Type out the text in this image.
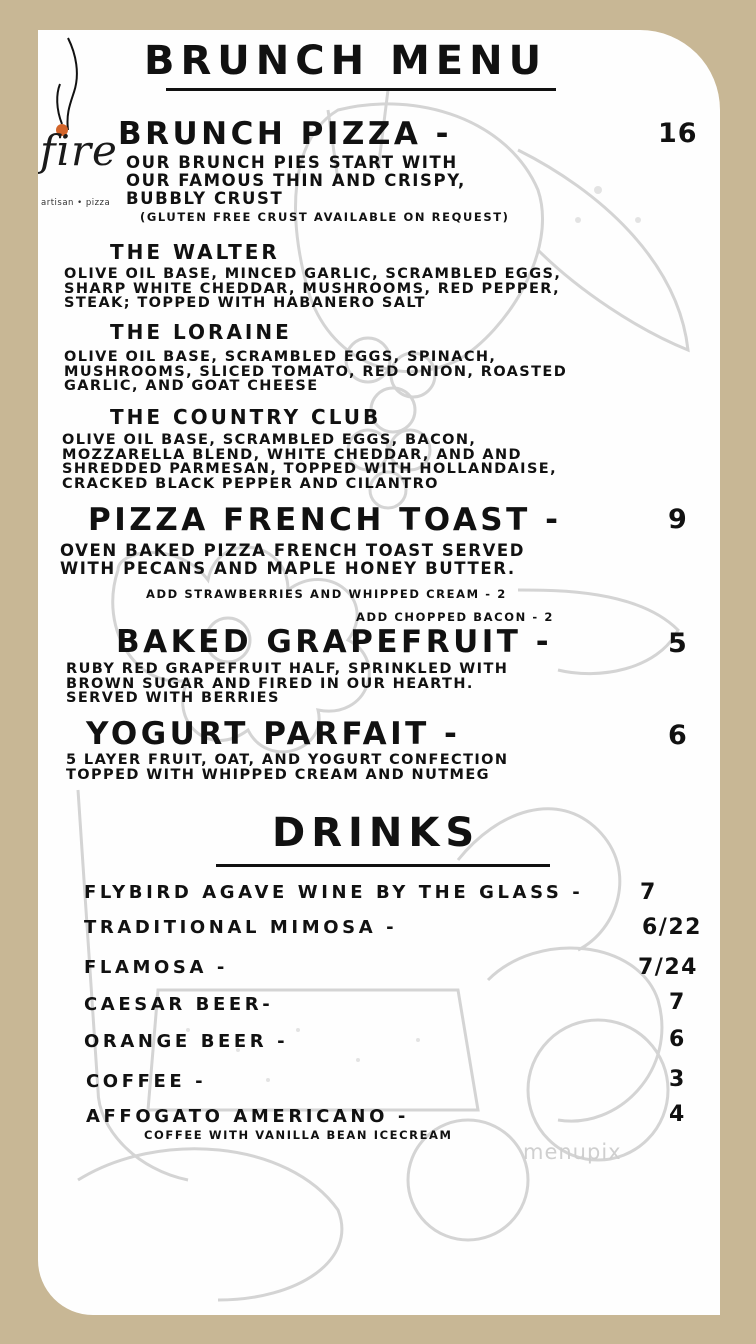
fire
artisan • pizza
BRUNCH MENU
BRUNCH PIZZA -	16
OUR BRUNCH PIES START WITH
OUR FAMOUS THIN AND CRISPY,
BUBBLY CRUST
(GLUTEN FREE CRUST AVAILABLE ON REQUEST)
THE WALTER
OLIVE OIL BASE, MINCED GARLIC, SCRAMBLED EGGS,
SHARP WHITE CHEDDAR, MUSHROOMS, RED PEPPER,
STEAK; TOPPED WITH HABANERO SALT
THE LORAINE
OLIVE OIL BASE, SCRAMBLED EGGS, SPINACH,
MUSHROOMS, SLICED TOMATO, RED ONION, ROASTED
GARLIC, AND GOAT CHEESE
THE COUNTRY CLUB
OLIVE OIL BASE, SCRAMBLED EGGS, BACON,
MOZZARELLA BLEND, WHITE CHEDDAR, AND AND
SHREDDED PARMESAN, TOPPED WITH HOLLANDAISE,
CRACKED BLACK PEPPER AND CILANTRO
PIZZA FRENCH TOAST -	9
OVEN BAKED PIZZA FRENCH TOAST SERVED
WITH PECANS AND MAPLE HONEY BUTTER.
ADD STRAWBERRIES AND WHIPPED CREAM - 2
ADD CHOPPED BACON - 2
BAKED GRAPEFRUIT -	5
RUBY RED GRAPEFRUIT HALF, SPRINKLED WITH
BROWN SUGAR AND FIRED IN OUR HEARTH.
SERVED WITH BERRIES
YOGURT PARFAIT -	6
5 LAYER FRUIT, OAT, AND YOGURT CONFECTION
TOPPED WITH WHIPPED CREAM AND NUTMEG
DRINKS
FLYBIRD AGAVE WINE BY THE GLASS -	7
TRADITIONAL MIMOSA -	6/22
FLAMOSA -	7/24
CAESAR BEER-	7
ORANGE BEER -	6
COFFEE -	3
AFFOGATO AMERICANO -	4
COFFEE WITH VANILLA BEAN ICECREAM
menupix
